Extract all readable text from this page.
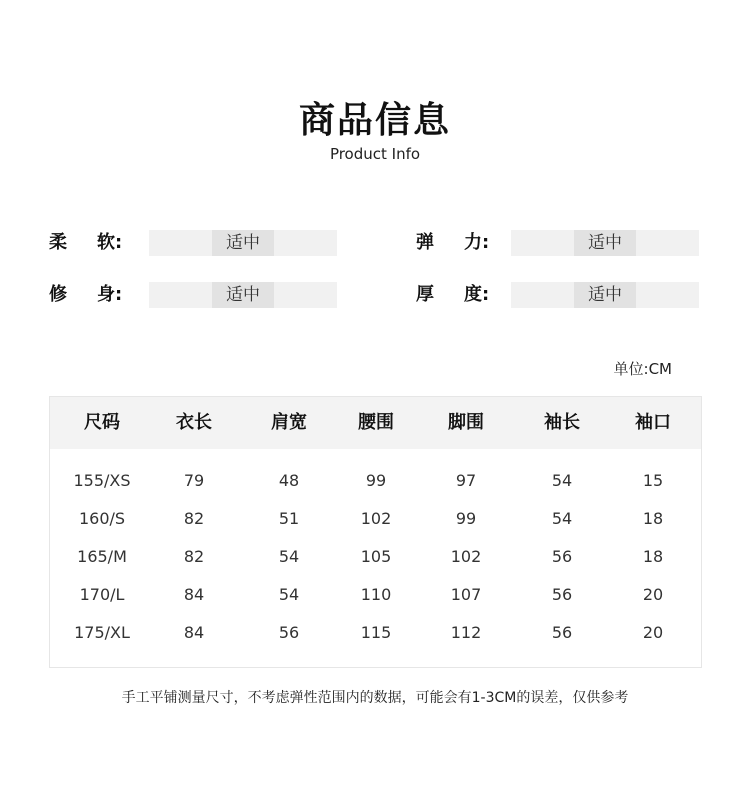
商品信息
Product Info
柔 软:	适中	弹 力:	适中
修 身:	适中	厚 度:	适中
单位:CM
尺码	衣长	肩宽	腰围	脚围	袖长	袖口
155/XS	79	48	99	97	54	15
160/S	82	51	102	99	54	18
165/M	82	54	105	102	56	18
170/L	84	54	110	107	56	20
175/XL	84	56	115	112	56	20
手工平铺测量尺寸，不考虑弹性范围内的数据，可能会有1-3CM的误差，仅供参考
